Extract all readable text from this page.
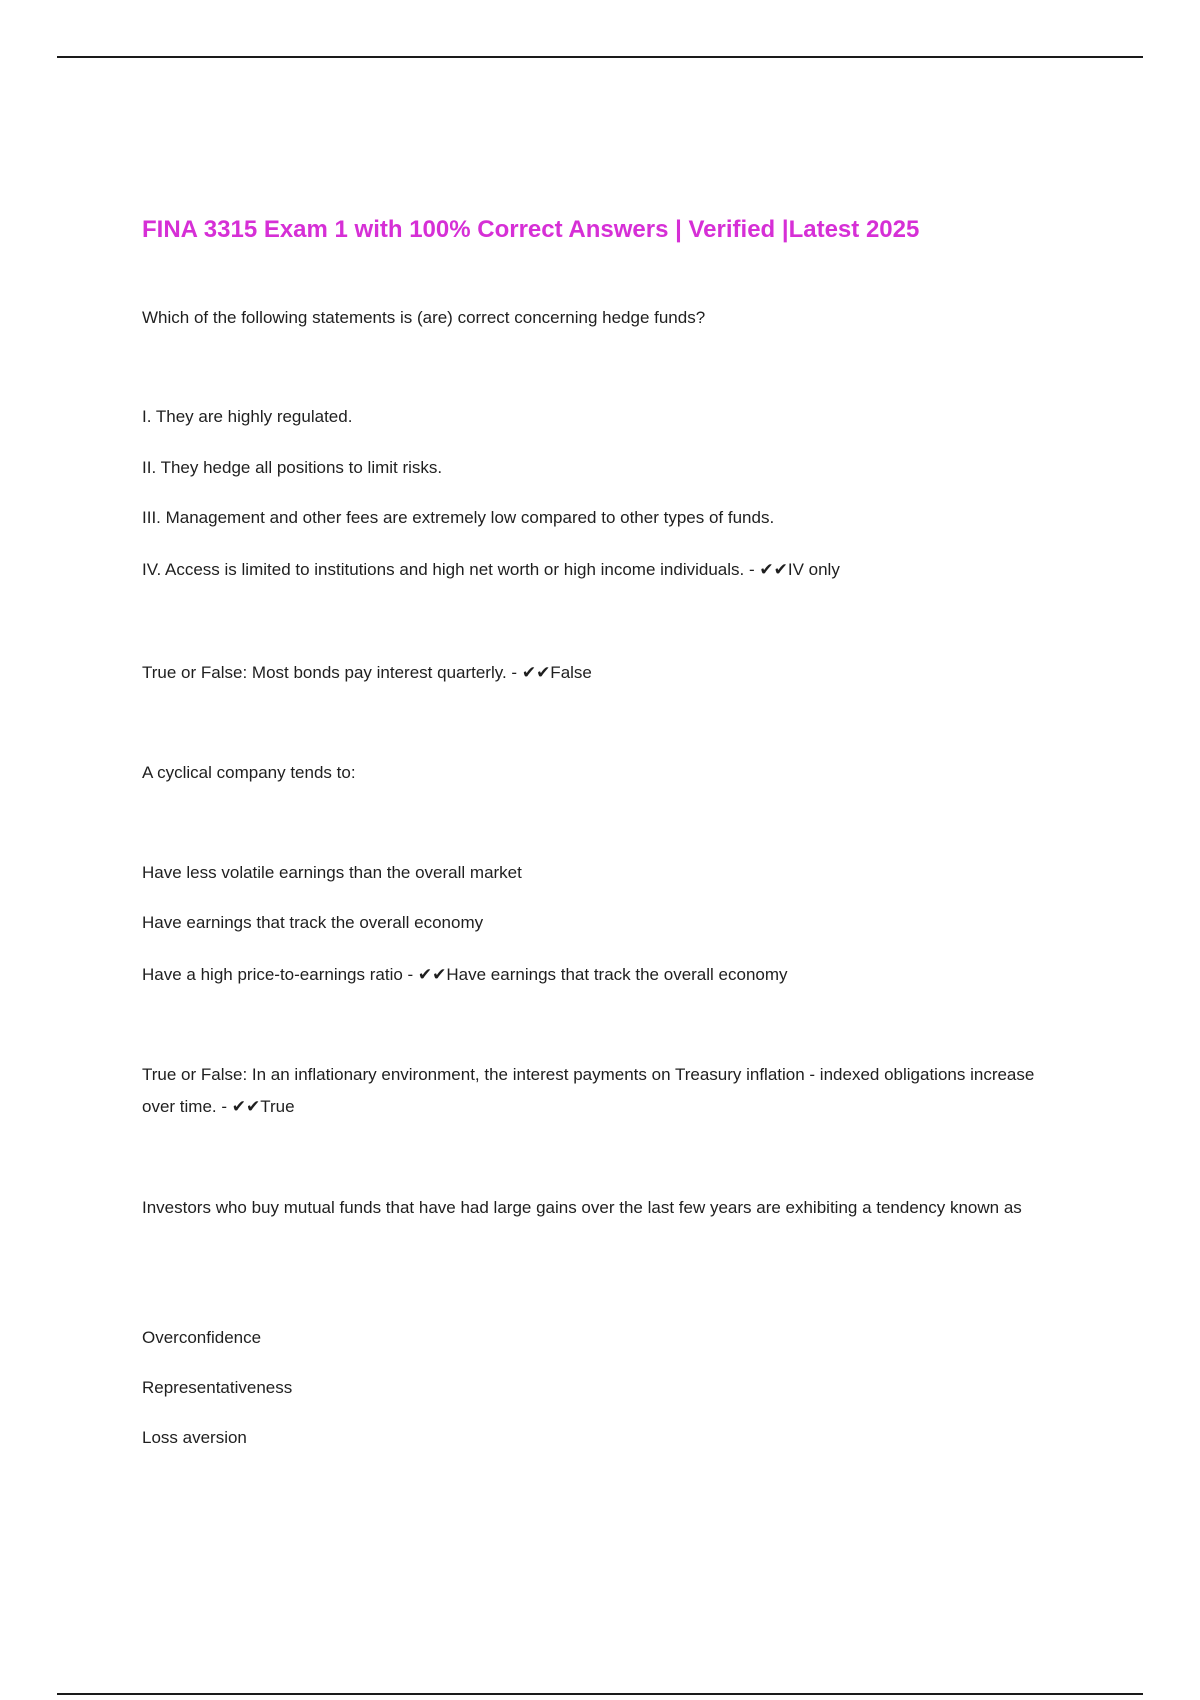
FINA 3315 Exam 1 with 100% Correct Answers | Verified |Latest 2025

Which of the following statements is (are) correct concerning hedge funds?

I. They are highly regulated.

II. They hedge all positions to limit risks.

III. Management and other fees are extremely low compared to other types of funds.

IV. Access is limited to institutions and high net worth or high income individuals. - ✔✔IV only

True or False: Most bonds pay interest quarterly. - ✔✔False

A cyclical company tends to:

Have less volatile earnings than the overall market

Have earnings that track the overall economy

Have a high price-to-earnings ratio - ✔✔Have earnings that track the overall economy

True or False: In an inflationary environment, the interest payments on Treasury inflation - indexed obligations increase over time. - ✔✔True

Investors who buy mutual funds that have had large gains over the last few years are exhibiting a tendency known as

Overconfidence

Representativeness

Loss aversion
